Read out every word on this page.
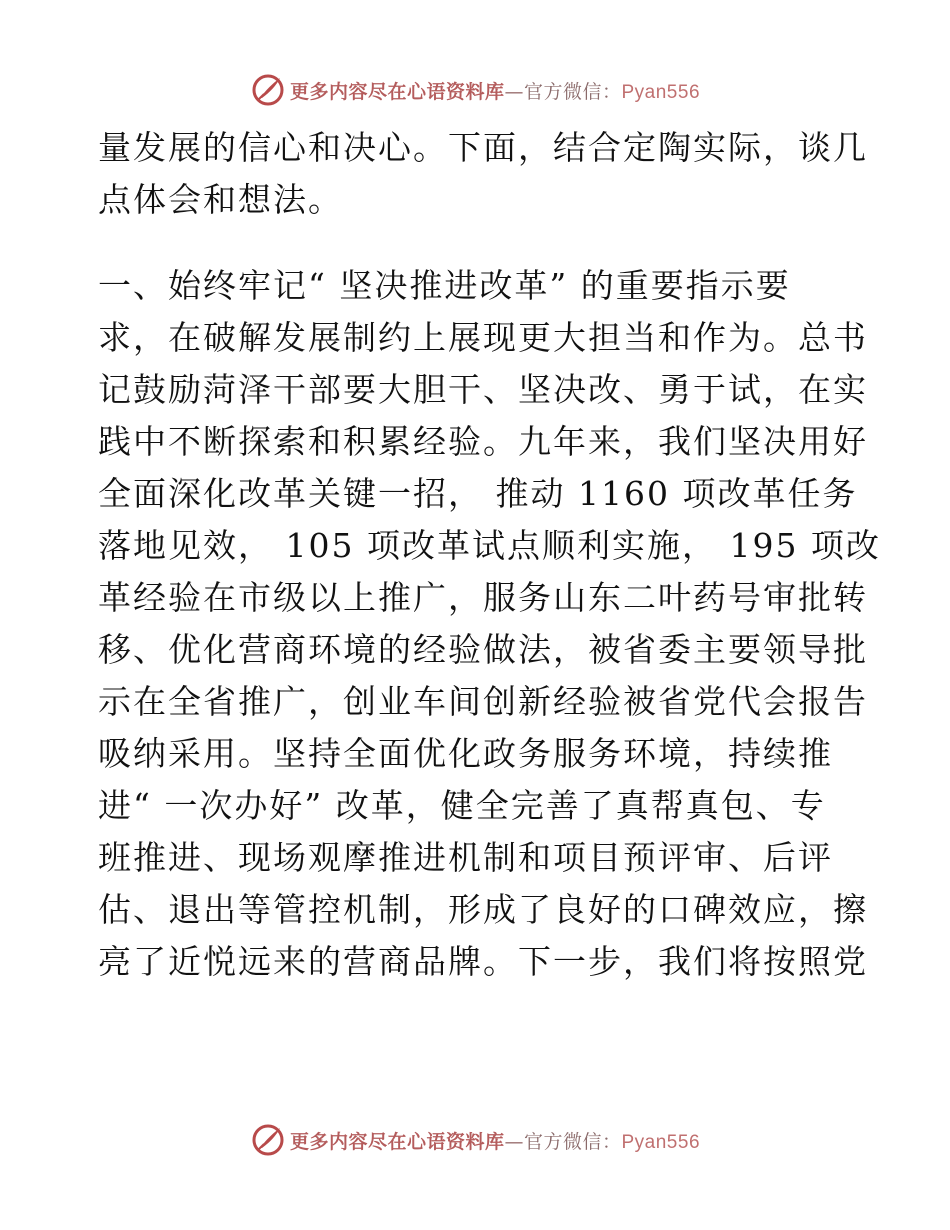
更多内容尽在心语资料库—官方微信：Pyan556
量发展的信心和决心。下面，结合定陶实际，谈几
点体会和想法。
一、始终牢记“ 坚决推进改革” 的重要指示要
求，在破解发展制约上展现更大担当和作为。总书
记鼓励菏泽干部要大胆干、坚决改、勇于试，在实
践中不断探索和积累经验。九年来，我们坚决用好
全面深化改革关键一招， 推动 1160 项改革任务
落地见效， 105 项改革试点顺利实施， 195 项改
革经验在市级以上推广，服务山东二叶药号审批转
移、优化营商环境的经验做法，被省委主要领导批
示在全省推广，创业车间创新经验被省党代会报告
吸纳采用。坚持全面优化政务服务环境，持续推
进“ 一次办好” 改革，健全完善了真帮真包、专
班推进、现场观摩推进机制和项目预评审、后评
估、退出等管控机制，形成了良好的口碑效应，擦
亮了近悦远来的营商品牌。下一步，我们将按照党
更多内容尽在心语资料库—官方微信：Pyan556
